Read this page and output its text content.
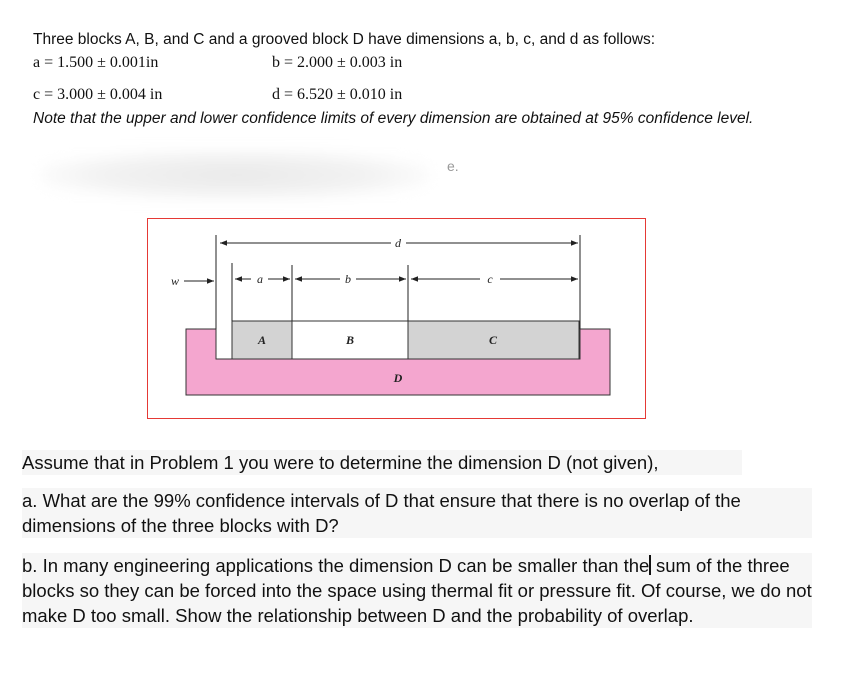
Three blocks A, B, and C and a grooved block D have dimensions a, b, c, and d as follows:
a = 1.500 ± 0.001in	b = 2.000 ± 0.003 in
c = 3.000 ± 0.004 in	d = 6.520 ± 0.010 in
Note that the upper and lower confidence limits of every dimension are obtained at 95% confidence level.
e.
d
w	a	b	c
A	B	C
D
Assume that in Problem 1 you were to determine the dimension D (not given),
a. What are the 99% confidence intervals of D that ensure that there is no overlap of the dimensions of the three blocks with D?
b. In many engineering applications the dimension D can be smaller than the sum of the three blocks so they can be forced into the space using thermal fit or pressure fit. Of course, we do not make D too small. Show the relationship between D and the probability of overlap.
